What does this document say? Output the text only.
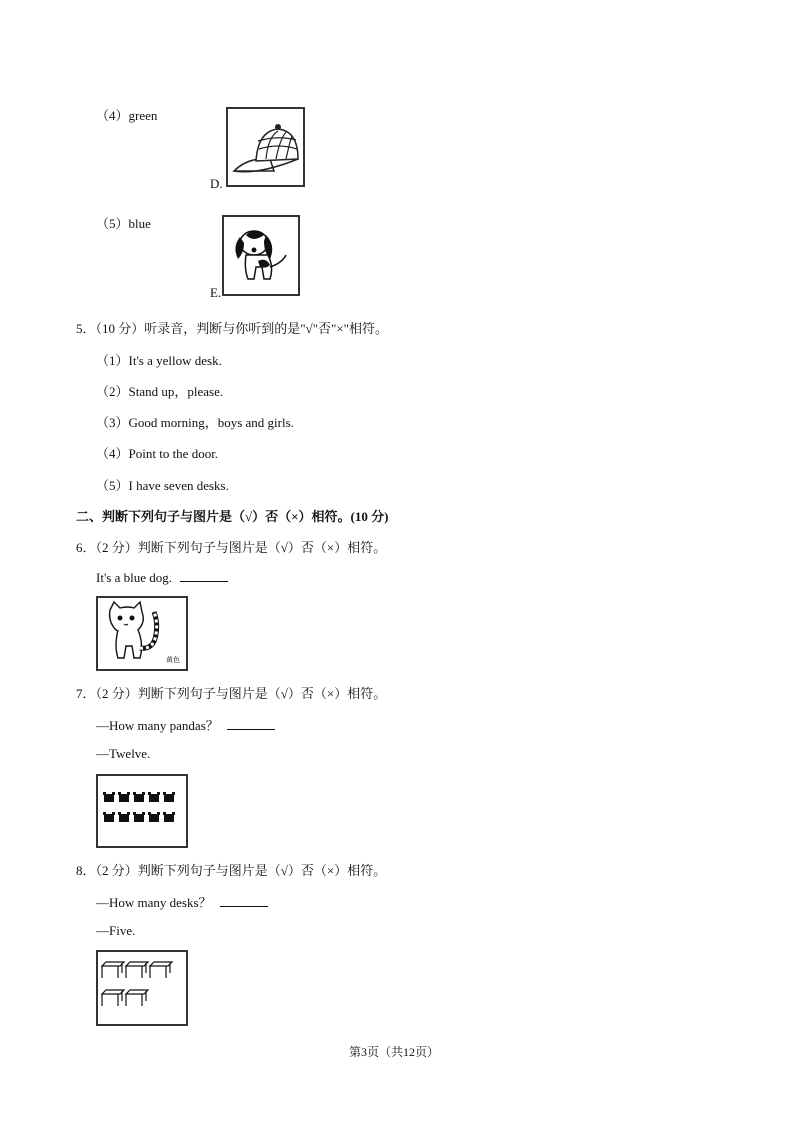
（4）green
D.
（5）blue
E.
5．（10 分）听录音，判断与你听到的是"√"否"×"相符。
（1）It's a yellow desk.
（2）Stand up，please.
（3）Good morning，boys and girls.
（4）Point to the door.
（5）I have seven desks.
二、判断下列句子与图片是（√）否（×）相符。(10 分)
6．（2 分）判断下列句子与图片是（√）否（×）相符。
It's a blue dog.
黄色
7．（2 分）判断下列句子与图片是（√）否（×）相符。
—How many pandas？
—Twelve.
8．（2 分）判断下列句子与图片是（√）否（×）相符。
—How many desks？
—Five.
第3页（共12页）
